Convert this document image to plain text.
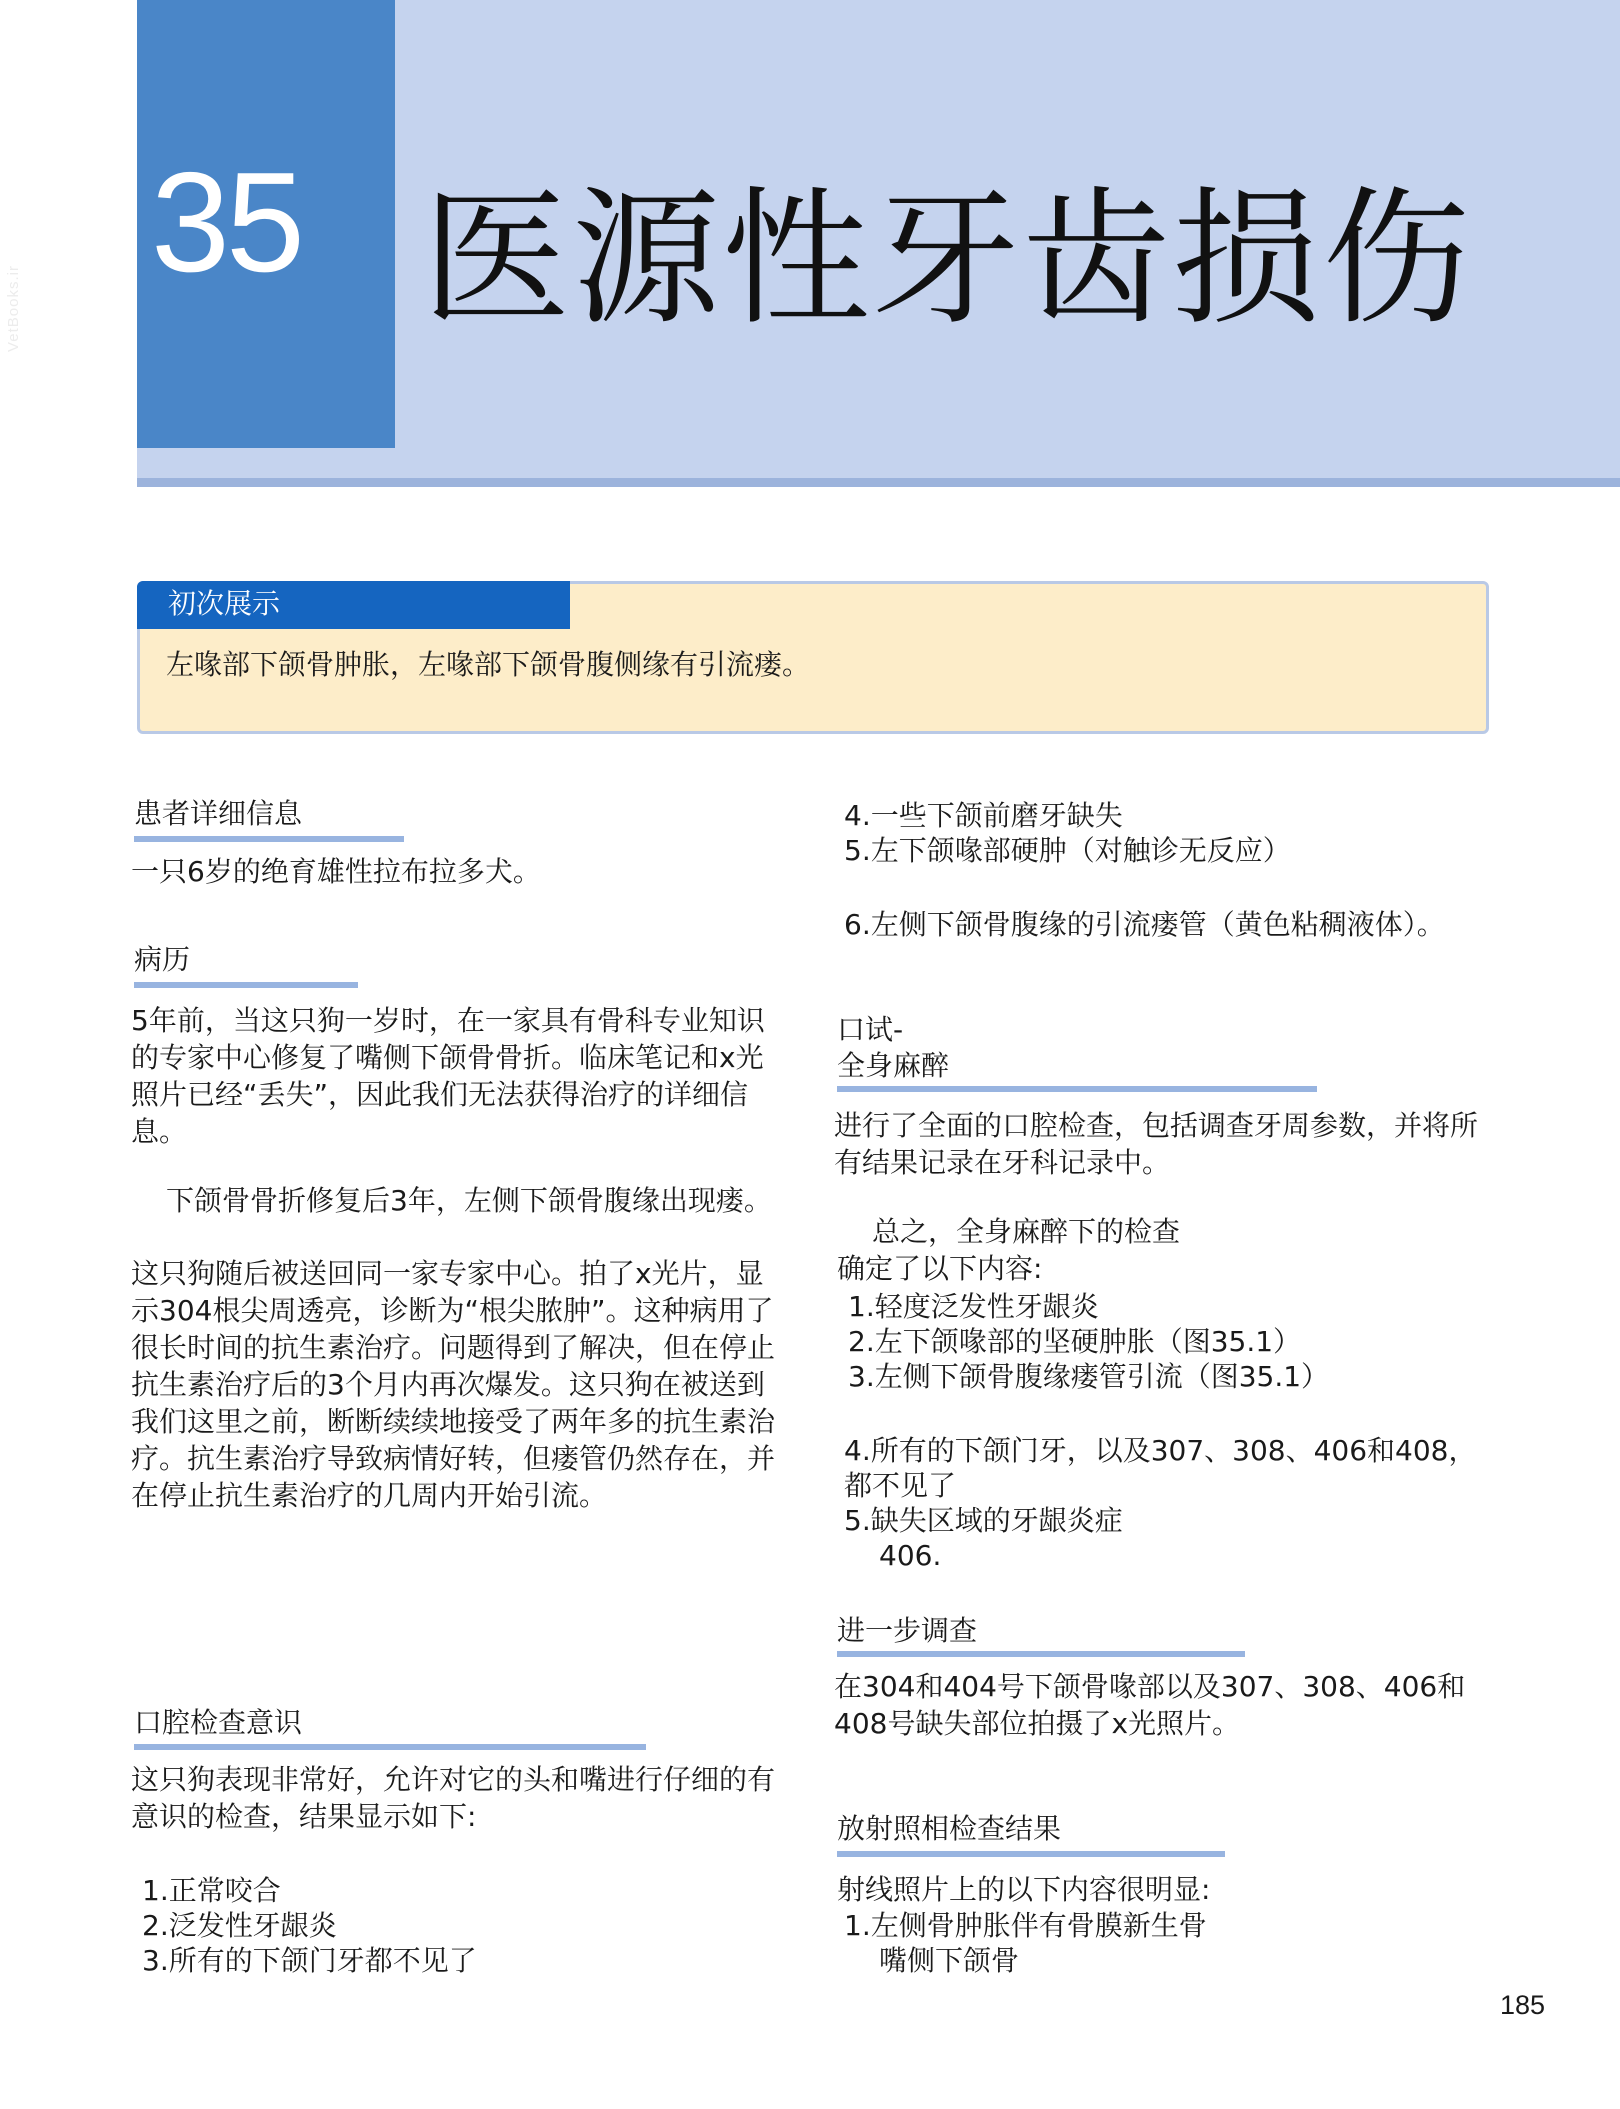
VetBooks.ir
35 医源性牙齿损伤
初次展示
左喙部下颌骨肿胀，左喙部下颌骨腹侧缘有引流瘘。
患者详细信息
一只6岁的绝育雄性拉布拉多犬。
病历
5年前，当这只狗一岁时，在一家具有骨科专业知识的专家中心修复了嘴侧下颌骨骨折。临床笔记和x光照片已经“丢失”，因此我们无法获得治疗的详细信息。
下颌骨骨折修复后3年，左侧下颌骨腹缘出现瘘。
这只狗随后被送回同一家专家中心。拍了x光片，显示304根尖周透亮，诊断为“根尖脓肿”。这种病用了很长时间的抗生素治疗。问题得到了解决，但在停止抗生素治疗后的3个月内再次爆发。这只狗在被送到我们这里之前，断断续续地接受了两年多的抗生素治疗。抗生素治疗导致病情好转，但瘘管仍然存在，并在停止抗生素治疗的几周内开始引流。
口腔检查意识
这只狗表现非常好，允许对它的头和嘴进行仔细的有意识的检查，结果显示如下:
1.正常咬合
2.泛发性牙龈炎
3.所有的下颌门牙都不见了
4.一些下颌前磨牙缺失
5.左下颌喙部硬肿（对触诊无反应）
6.左侧下颌骨腹缘的引流瘘管（黄色粘稠液体）。
口试-
全身麻醉
进行了全面的口腔检查，包括调查牙周参数，并将所有结果记录在牙科记录中。
总之，全身麻醉下的检查
确定了以下内容:
1.轻度泛发性牙龈炎
2.左下颌喙部的坚硬肿胀（图35.1）
3.左侧下颌骨腹缘瘘管引流（图35.1）
4.所有的下颌门牙，以及307、308、406和408，
都不见了
5.缺失区域的牙龈炎症
406.
进一步调查
在304和404号下颌骨喙部以及307、308、406和408号缺失部位拍摄了x光照片。
放射照相检查结果
射线照片上的以下内容很明显:
1.左侧骨肿胀伴有骨膜新生骨
嘴侧下颌骨
185
